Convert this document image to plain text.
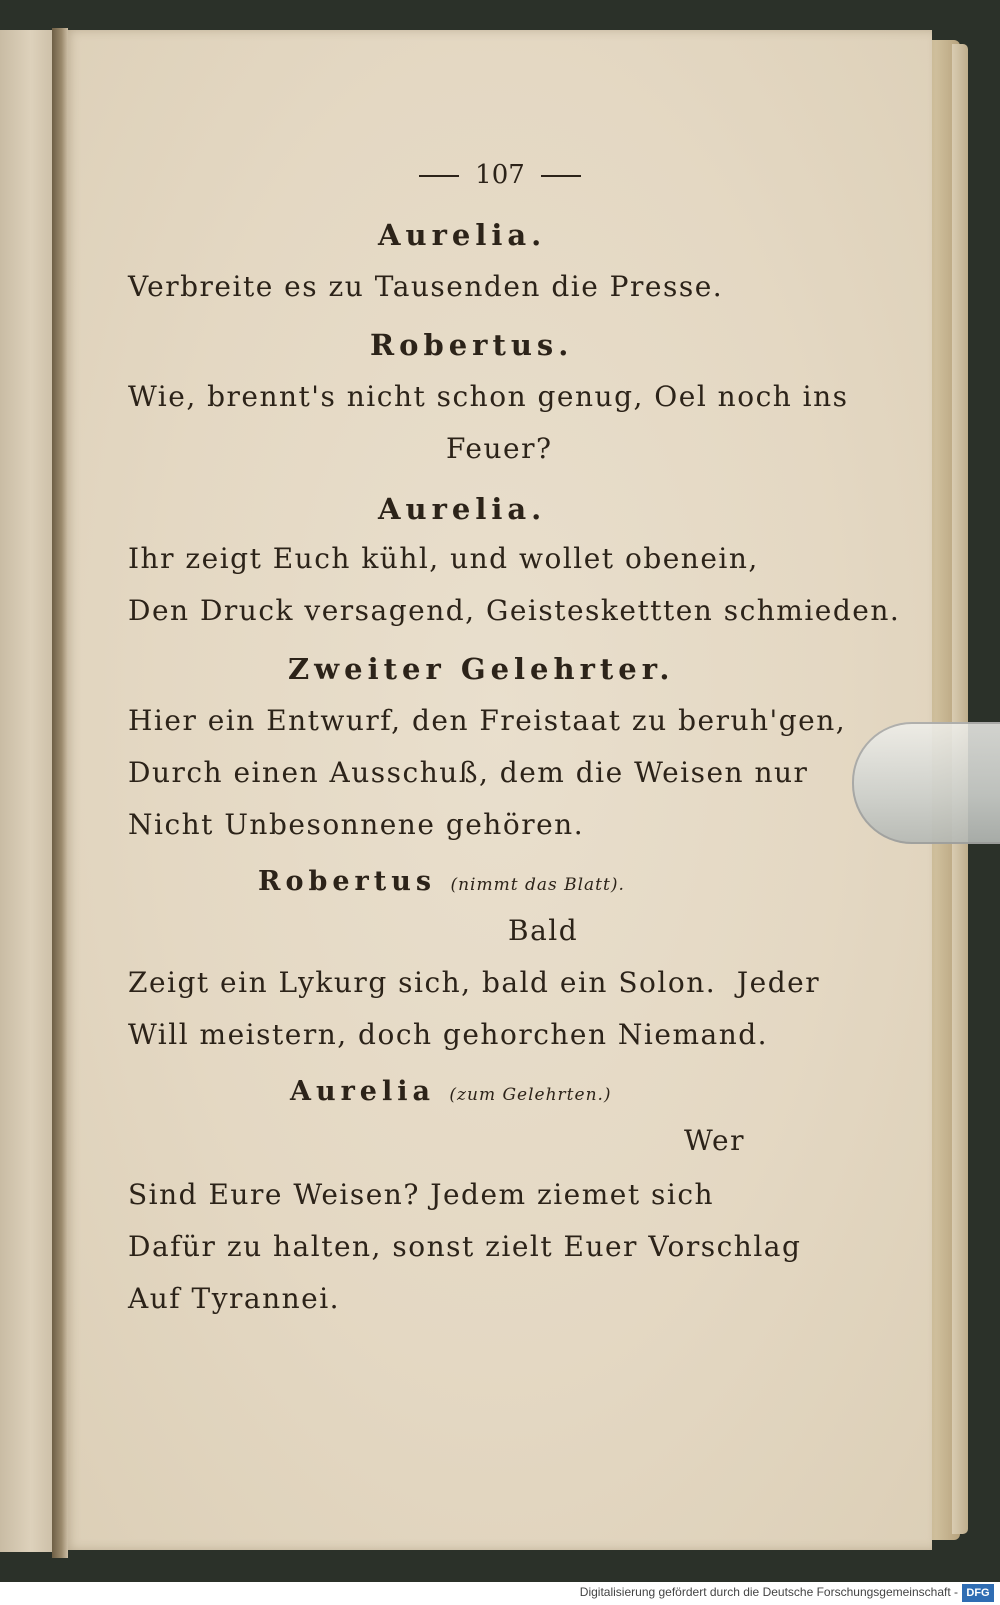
107
Aurelia.
Verbreite es zu Tausenden die Presse.
Robertus.
Wie, brennt's nicht schon genug, Oel noch ins
Feuer?
Aurelia.
Ihr zeigt Euch kühl, und wollet obenein,
Den Druck versagend, Geisteskettten schmieden.
Zweiter Gelehrter.
Hier ein Entwurf, den Freistaat zu beruh'gen,
Durch einen Ausschuß, dem die Weisen nur
Nicht Unbesonnene gehören.
Robertus (nimmt das Blatt).
Bald
Zeigt ein Lykurg sich, bald ein Solon.  Jeder
Will meistern, doch gehorchen Niemand.
Aurelia (zum Gelehrten.)
Wer
Sind Eure Weisen? Jedem ziemet sich
Dafür zu halten, sonst zielt Euer Vorschlag
Auf Tyrannei.
Digitalisierung gefördert durch die Deutsche Forschungsgemeinschaft - DFG
